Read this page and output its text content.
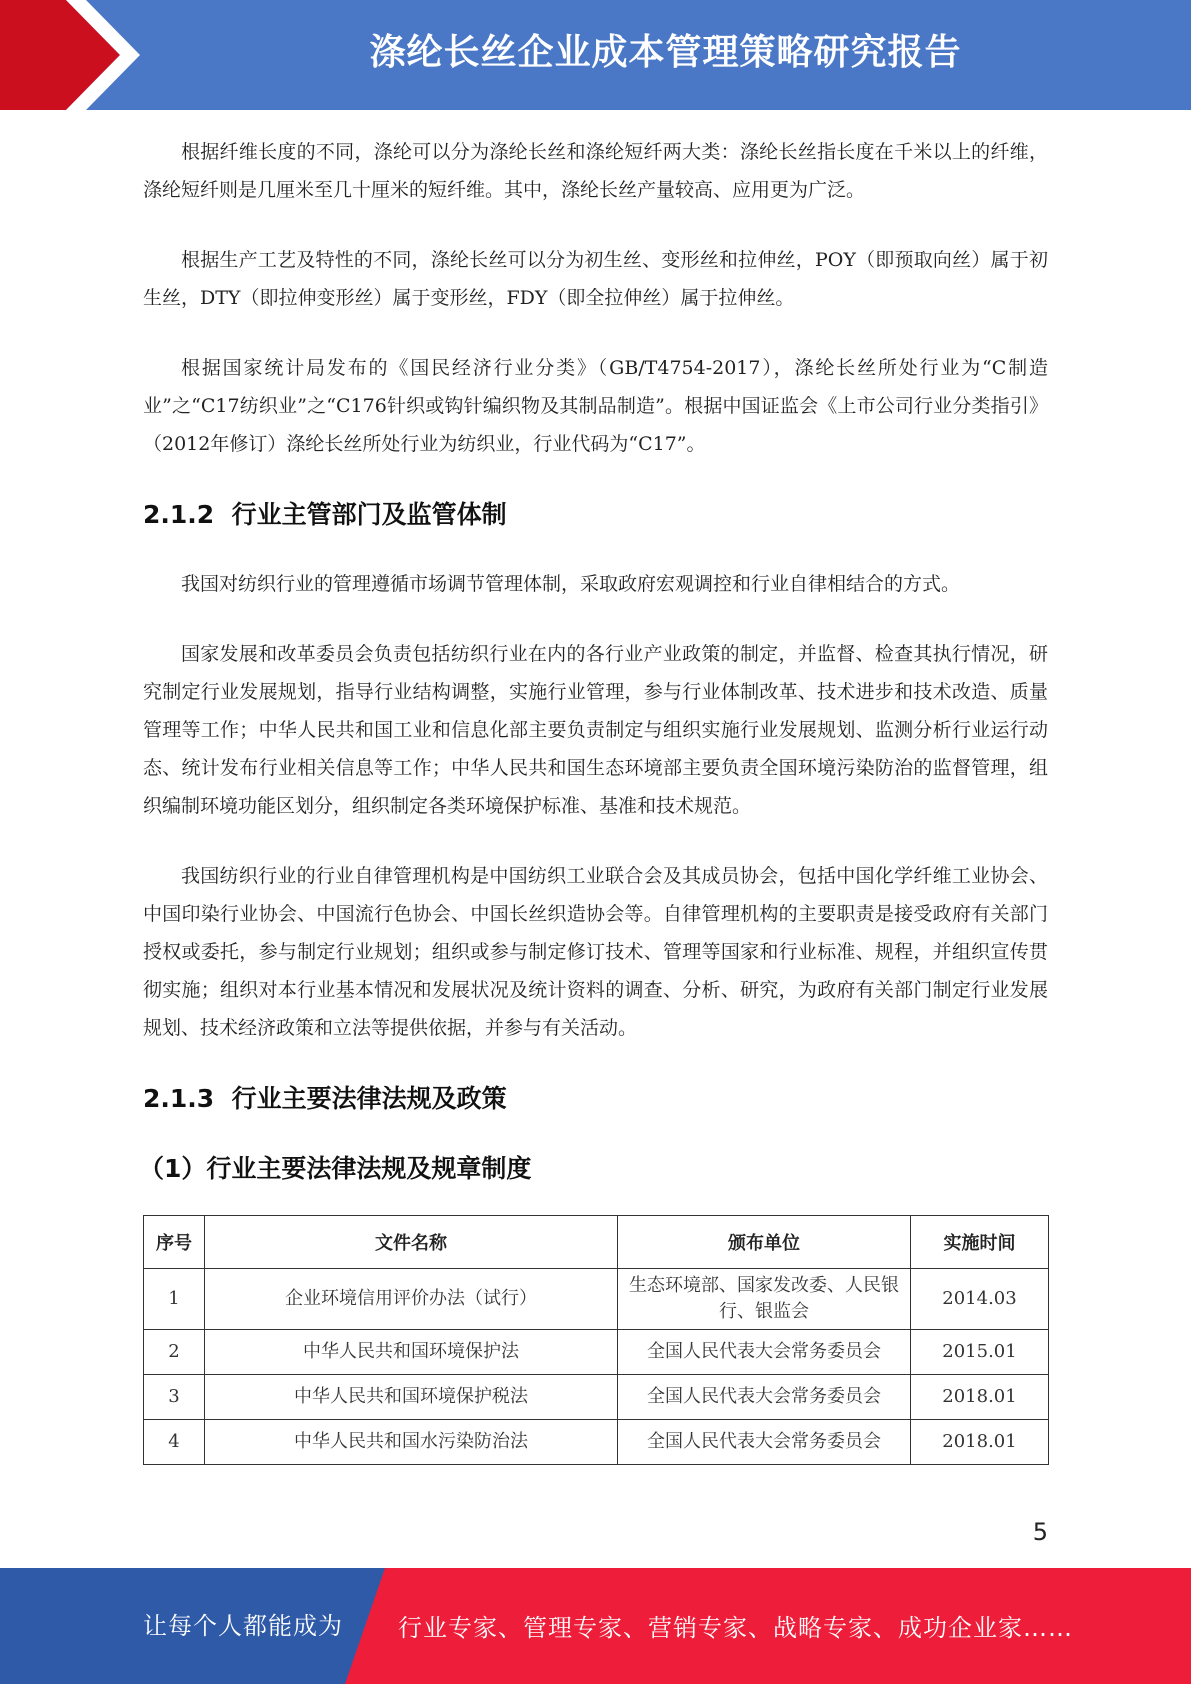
涤纶长丝企业成本管理策略研究报告

根据纤维长度的不同，涤纶可以分为涤纶长丝和涤纶短纤两大类：涤纶长丝指长度在千米以上的纤维，涤纶短纤则是几厘米至几十厘米的短纤维。其中，涤纶长丝产量较高、应用更为广泛。

根据生产工艺及特性的不同，涤纶长丝可以分为初生丝、变形丝和拉伸丝，POY（即预取向丝）属于初生丝，DTY（即拉伸变形丝）属于变形丝，FDY（即全拉伸丝）属于拉伸丝。

根据国家统计局发布的《国民经济行业分类》（GB/T4754-2017），涤纶长丝所处行业为“C制造业”之“C17纺织业”之“C176针织或钩针编织物及其制品制造”。根据中国证监会《上市公司行业分类指引》（2012年修订）涤纶长丝所处行业为纺织业，行业代码为“C17”。

2.1.2  行业主管部门及监管体制

我国对纺织行业的管理遵循市场调节管理体制，采取政府宏观调控和行业自律相结合的方式。

国家发展和改革委员会负责包括纺织行业在内的各行业产业政策的制定，并监督、检查其执行情况，研究制定行业发展规划，指导行业结构调整，实施行业管理，参与行业体制改革、技术进步和技术改造、质量管理等工作；中华人民共和国工业和信息化部主要负责制定与组织实施行业发展规划、监测分析行业运行动态、统计发布行业相关信息等工作；中华人民共和国生态环境部主要负责全国环境污染防治的监督管理，组织编制环境功能区划分，组织制定各类环境保护标准、基准和技术规范。

我国纺织行业的行业自律管理机构是中国纺织工业联合会及其成员协会，包括中国化学纤维工业协会、中国印染行业协会、中国流行色协会、中国长丝织造协会等。自律管理机构的主要职责是接受政府有关部门授权或委托，参与制定行业规划；组织或参与制定修订技术、管理等国家和行业标准、规程，并组织宣传贯彻实施；组织对本行业基本情况和发展状况及统计资料的调查、分析、研究，为政府有关部门制定行业发展规划、技术经济政策和立法等提供依据，并参与有关活动。

2.1.3  行业主要法律法规及政策
（1）行业主要法律法规及规章制度
序号	文件名称	颁布单位	实施时间
1	企业环境信用评价办法（试行）	生态环境部、国家发改委、人民银行、银监会	2014.03
2	中华人民共和国环境保护法	全国人民代表大会常务委员会	2015.01
3	中华人民共和国环境保护税法	全国人民代表大会常务委员会	2018.01
4	中华人民共和国水污染防治法	全国人民代表大会常务委员会	2018.01
5
让每个人都能成为 行业专家、管理专家、营销专家、战略专家、成功企业家……
